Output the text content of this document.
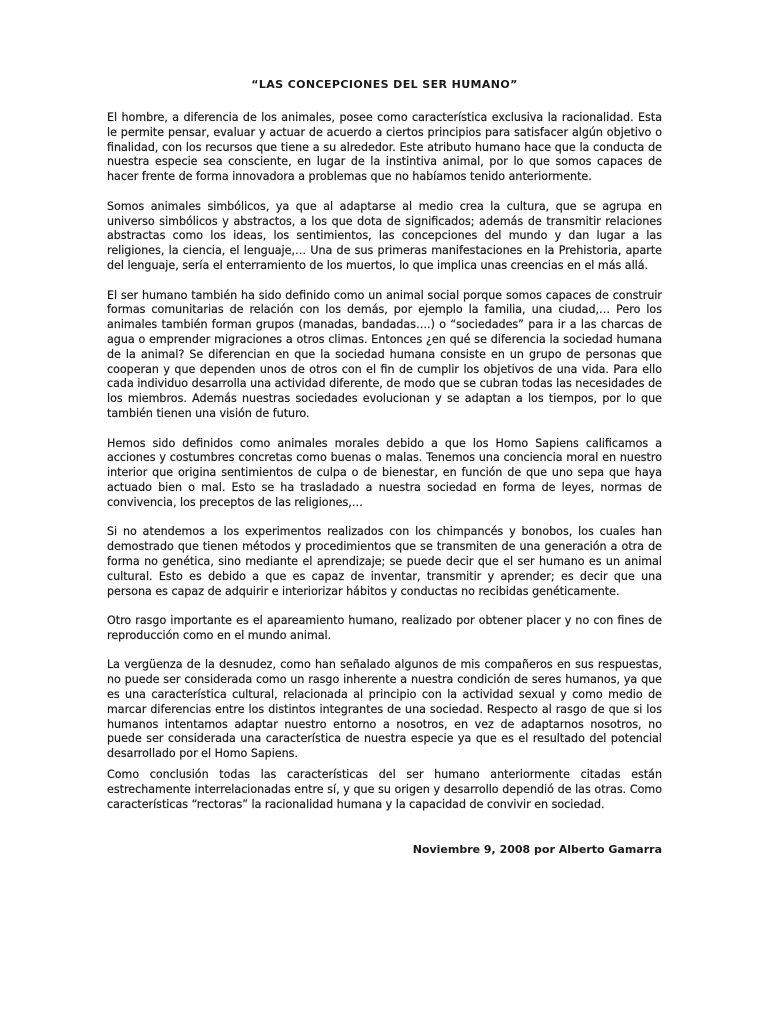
“LAS CONCEPCIONES DEL SER HUMANO”

El hombre, a diferencia de los animales, posee como característica exclusiva la racionalidad. Esta le permite pensar, evaluar y actuar de acuerdo a ciertos principios para satisfacer algún objetivo o finalidad, con los recursos que tiene a su alrededor. Este atributo humano hace que la conducta de nuestra especie sea consciente, en lugar de la instintiva animal, por lo que somos capaces de hacer frente de forma innovadora a problemas que no habíamos tenido anteriormente.

Somos animales simbólicos, ya que al adaptarse al medio crea la cultura, que se agrupa en universo simbólicos y abstractos, a los que dota de significados; además de transmitir relaciones abstractas como los ideas, los sentimientos, las concepciones del mundo y dan lugar a las religiones, la ciencia, el lenguaje,… Una de sus primeras manifestaciones en la Prehistoria, aparte del lenguaje, sería el enterramiento de los muertos, lo que implica unas creencias en el más allá.

El ser humano también ha sido definido como un animal social porque somos capaces de construir formas comunitarias de relación con los demás, por ejemplo la familia, una ciudad,… Pero los animales también forman grupos (manadas, bandadas….) o “sociedades” para ir a las charcas de agua o emprender migraciones a otros climas. Entonces ¿en qué se diferencia la sociedad humana de la animal? Se diferencian en que la sociedad humana consiste en un grupo de personas que cooperan y que dependen unos de otros con el fin de cumplir los objetivos de una vida. Para ello cada individuo desarrolla una actividad diferente, de modo que se cubran todas las necesidades de los miembros. Además nuestras sociedades evolucionan y se adaptan a los tiempos, por lo que también tienen una visión de futuro.

Hemos sido definidos como animales morales debido a que los Homo Sapiens calificamos a acciones y costumbres concretas como buenas o malas. Tenemos una conciencia moral en nuestro interior que origina sentimientos de culpa o de bienestar, en función de que uno sepa que haya actuado bien o mal. Esto se ha trasladado a nuestra sociedad en forma de leyes, normas de convivencia, los preceptos de las religiones,…

Si no atendemos a los experimentos realizados con los chimpancés y bonobos, los cuales han demostrado que tienen métodos y procedimientos que se transmiten de una generación a otra de forma no genética, sino mediante el aprendizaje; se puede decir que el ser humano es un animal cultural. Esto es debido a que es capaz de inventar, transmitir y aprender; es decir que una persona es capaz de adquirir e interiorizar hábitos y conductas no recibidas genéticamente.

Otro rasgo importante es el apareamiento humano, realizado por obtener placer y no con fines de reproducción como en el mundo animal.

La vergüenza de la desnudez, como han señalado algunos de mis compañeros en sus respuestas, no puede ser considerada como un rasgo inherente a nuestra condición de seres humanos, ya que es una característica cultural, relacionada al principio con la actividad sexual y como medio de marcar diferencias entre los distintos integrantes de una sociedad. Respecto al rasgo de que si los humanos intentamos adaptar nuestro entorno a nosotros, en vez de adaptarnos nosotros, no puede ser considerada una característica de nuestra especie ya que es el resultado del potencial desarrollado por el Homo Sapiens.

Como conclusión todas las características del ser humano anteriormente citadas están estrechamente interrelacionadas entre sí, y que su origen y desarrollo dependió de las otras. Como características “rectoras” la racionalidad humana y la capacidad de convivir en sociedad.

Noviembre 9, 2008 por Alberto Gamarra
